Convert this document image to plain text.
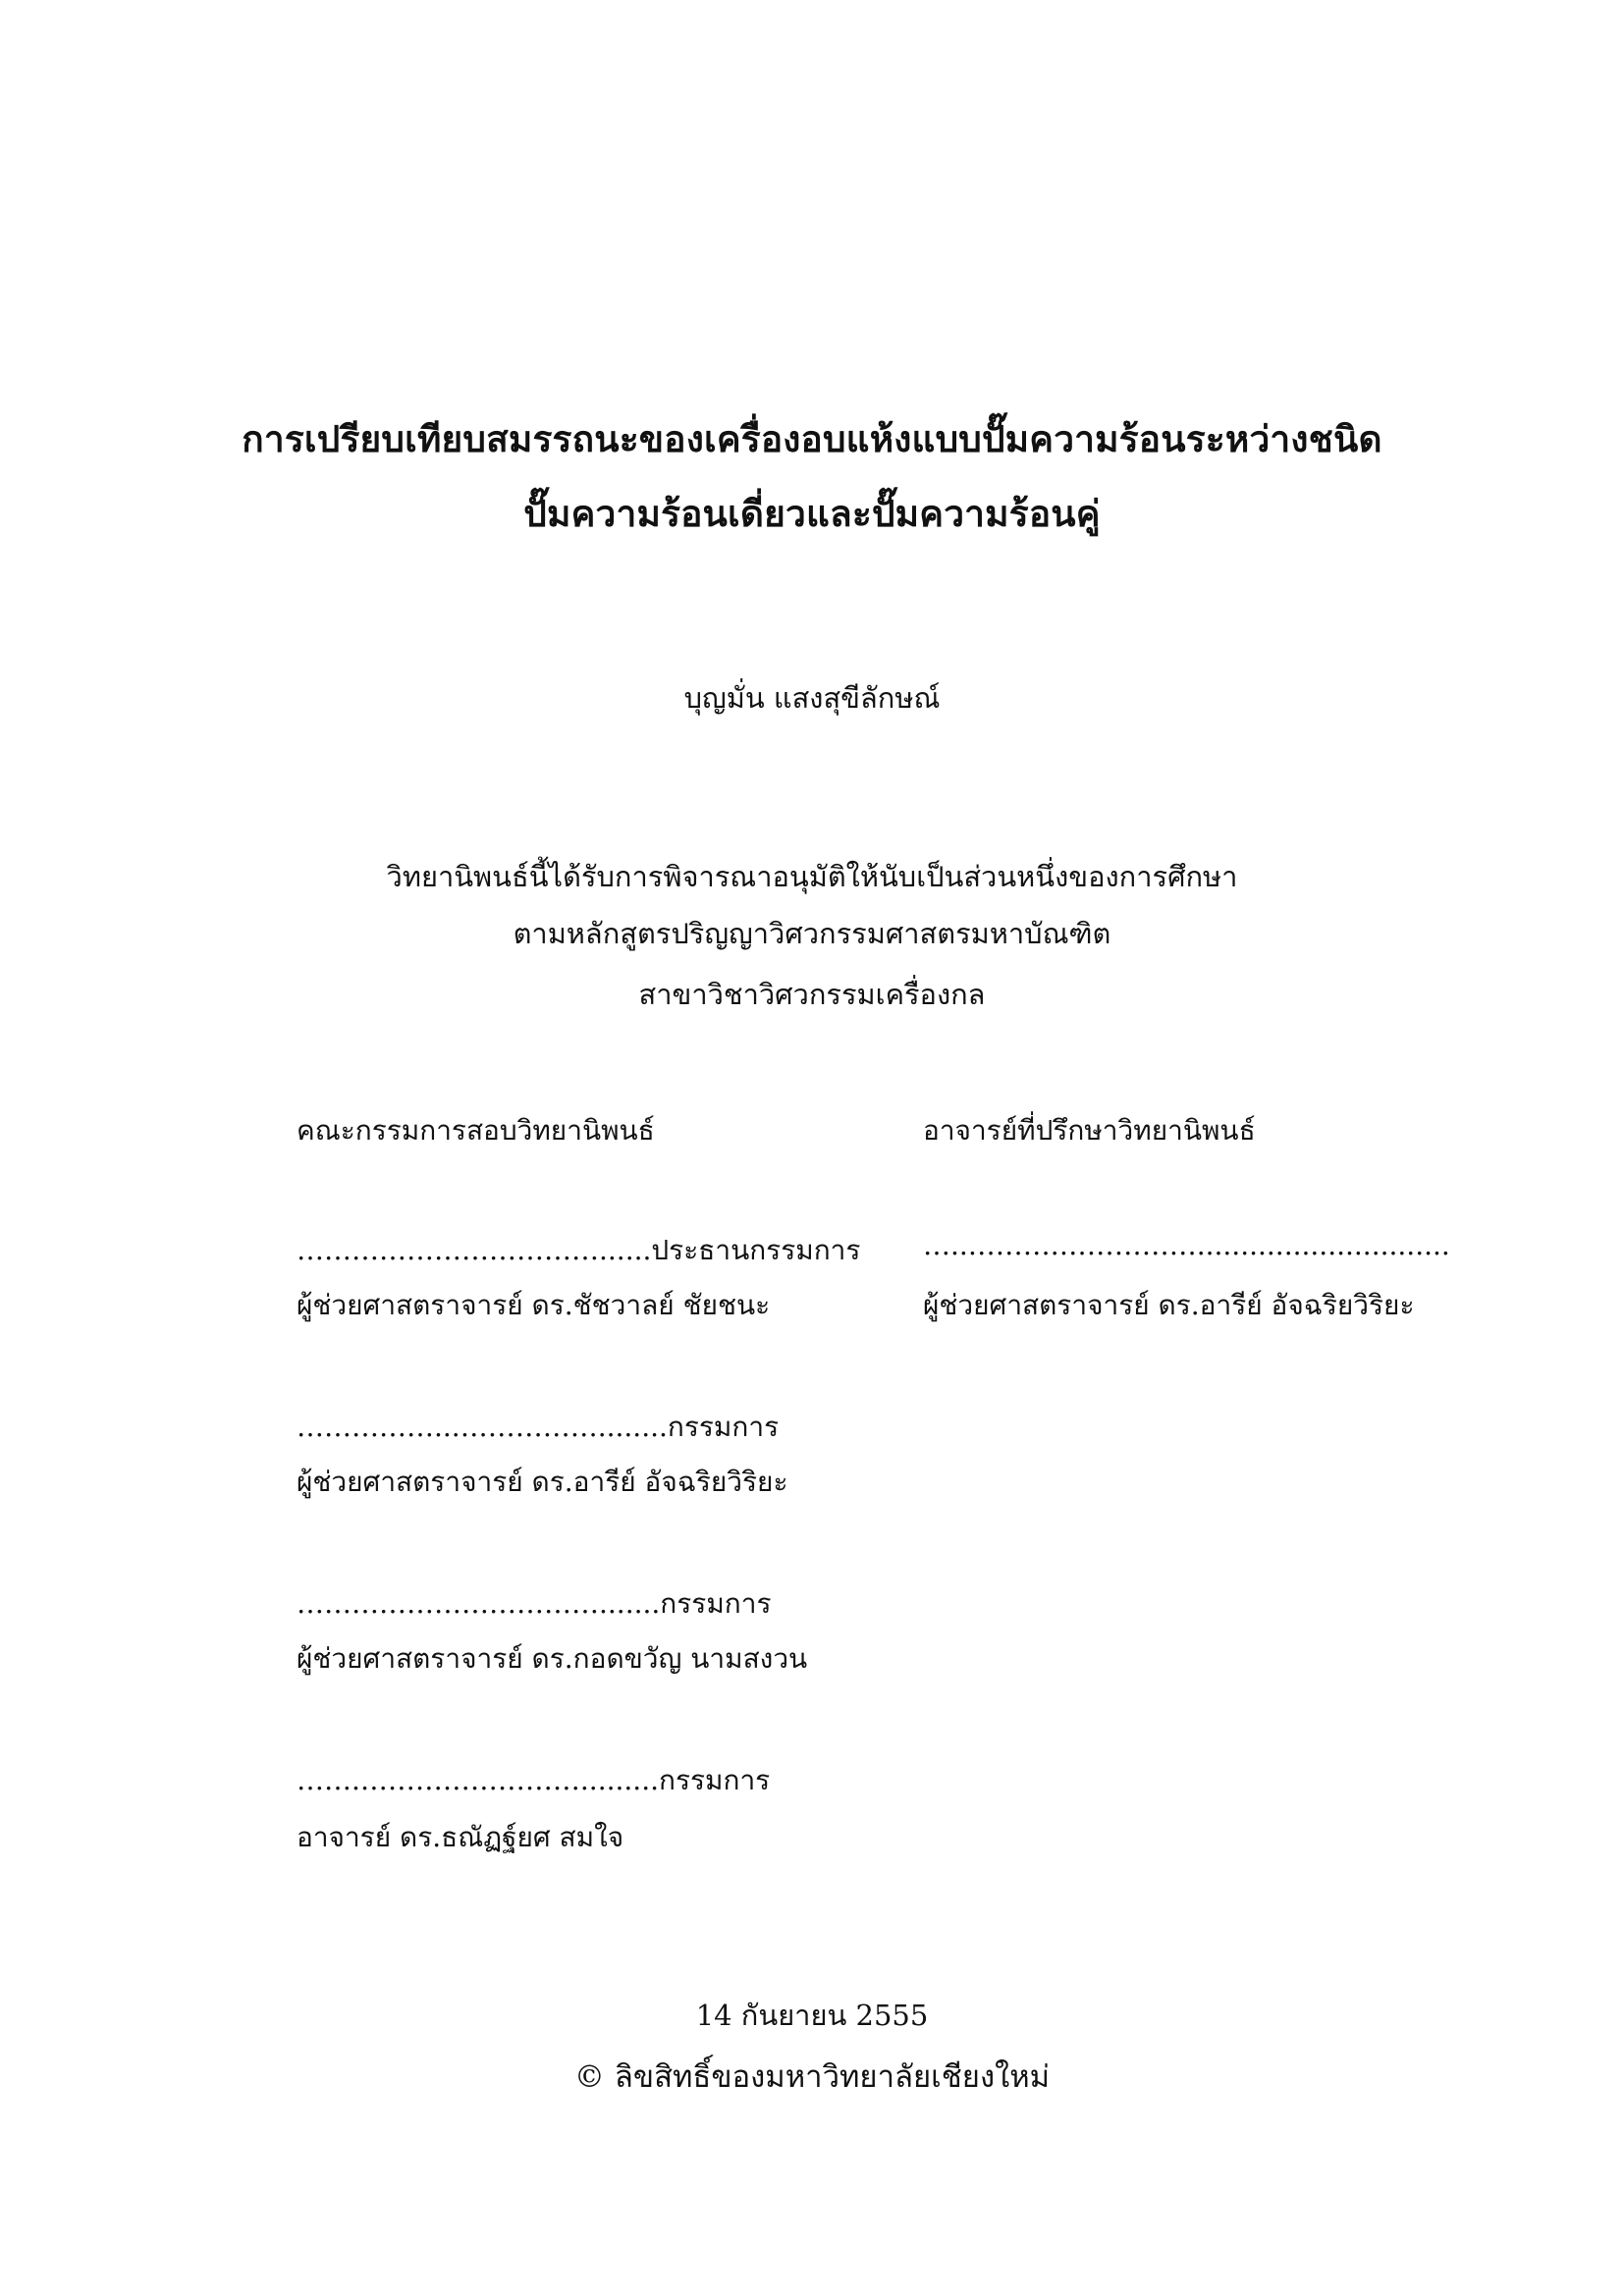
การเปรียบเทียบสมรรถนะของเครื่องอบแห้งแบบปั๊มความร้อนระหว่างชนิด
ปั๊มความร้อนเดี่ยวและปั๊มความร้อนคู่
บุญมั่น แสงสุขีลักษณ์
วิทยานิพนธ์นี้ได้รับการพิจารณาอนุมัติให้นับเป็นส่วนหนึ่งของการศึกษา
ตามหลักสูตรปริญญาวิศวกรรมศาสตรมหาบัณฑิต
สาขาวิชาวิศวกรรมเครื่องกล
คณะกรรมการสอบวิทยานิพนธ์	อาจารย์ที่ปรึกษาวิทยานิพนธ์
……………………………......ประธานกรรมการ
ผู้ช่วยศาสตราจารย์ ดร.ชัชวาลย์ ชัยชนะ
…..……….…………….............................
ผู้ช่วยศาสตราจารย์ ดร.อารีย์ อัจฉริยวิริยะ
……………...……………........กรรมการ
ผู้ช่วยศาสตราจารย์ ดร.อารีย์ อัจฉริยวิริยะ
…………………………….......กรรมการ
ผู้ช่วยศาสตราจารย์ ดร.กอดขวัญ นามสงวน
…….…………………….........กรรมการ
อาจารย์ ดร.ธณัฏฐ์ยศ สมใจ
14 กันยายน 2555
© ลิขสิทธิ์ของมหาวิทยาลัยเชียงใหม่
